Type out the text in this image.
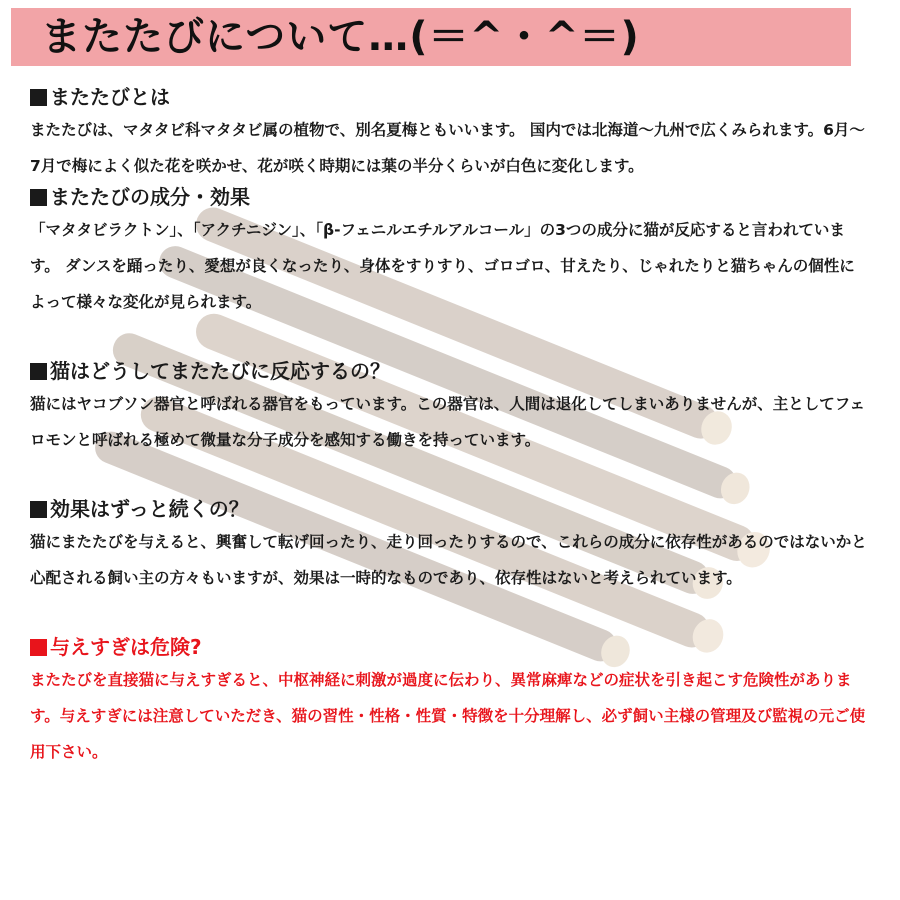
またたびについて…(＝^・^＝)

またたびとは

またたびは、マタタビ科マタタビ属の植物で、別名夏梅ともいいます。 国内では北海道～九州で広くみられます。6月～7月で梅によく似た花を咲かせ、花が咲く時期には葉の半分くらいが白色に変化します。

またたびの成分・効果

「マタタビラクトン」、「アクチニジン」、「β-フェニルエチルアルコール」の3つの成分に猫が反応すると言われています。 ダンスを踊ったり、愛想が良くなったり、身体をすりすり、ゴロゴロ、甘えたり、じゃれたりと猫ちゃんの個性によって様々な変化が見られます。

猫はどうしてまたたびに反応するの？

猫にはヤコブソン器官と呼ばれる器官をもっています。この器官は、人間は退化してしまいありませんが、主としてフェロモンと呼ばれる極めて微量な分子成分を感知する働きを持っています。

効果はずっと続くの？

猫にまたたびを与えると、興奮して転げ回ったり、走り回ったりするので、これらの成分に依存性があるのではないかと心配される飼い主の方々もいますが、効果は一時的なものであり、依存性はないと考えられています。

与えすぎは危険?

またたびを直接猫に与えすぎると、中枢神経に刺激が過度に伝わり、異常麻痺などの症状を引き起こす危険性があります。与えすぎには注意していただき、猫の習性・性格・性質・特徴を十分理解し、必ず飼い主様の管理及び監視の元ご使用下さい。
